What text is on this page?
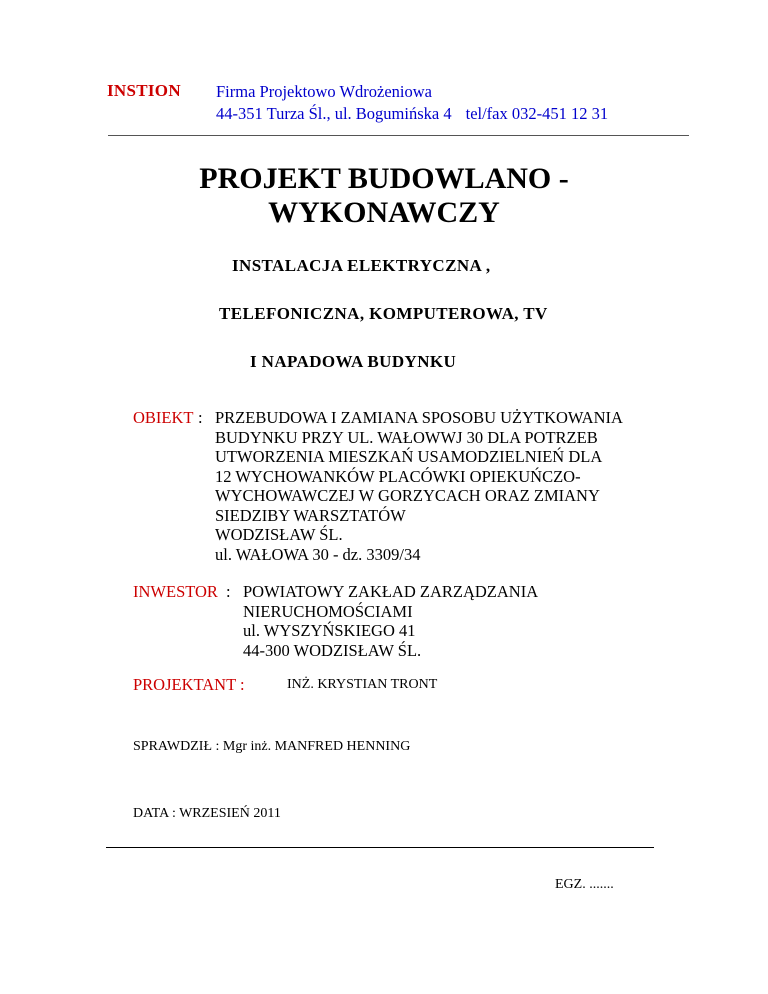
INSTION Firma Projektowo Wdrożeniowa
44-351 Turza Śl., ul. Bogumińska 4 tel/fax 032-451 12 31
PROJEKT BUDOWLANO -
WYKONAWCZY
INSTALACJA ELEKTRYCZNA ,
TELEFONICZNA, KOMPUTEROWA, TV
I NAPADOWA BUDYNKU
OBIEKT : PRZEBUDOWA I ZAMIANA SPOSOBU UŻYTKOWANIA
BUDYNKU PRZY UL. WAŁOWWJ 30 DLA POTRZEB
UTWORZENIA MIESZKAŃ USAMODZIELNIEŃ DLA
12 WYCHOWANKÓW PLACÓWKI OPIEKUŃCZO-
WYCHOWAWCZEJ W GORZYCACH ORAZ ZMIANY
SIEDZIBY WARSZTATÓW
WODZISŁAW ŚL.
ul. WAŁOWA 30 - dz. 3309/34
INWESTOR : POWIATOWY ZAKŁAD ZARZĄDZANIA
NIERUCHOMOŚCIAMI
ul. WYSZYŃSKIEGO 41
44-300 WODZISŁAW ŚL.
PROJEKTANT :	INŻ. KRYSTIAN TRONT
SPRAWDZIŁ : Mgr inż. MANFRED HENNING
DATA : WRZESIEŃ 2011
EGZ. .......
